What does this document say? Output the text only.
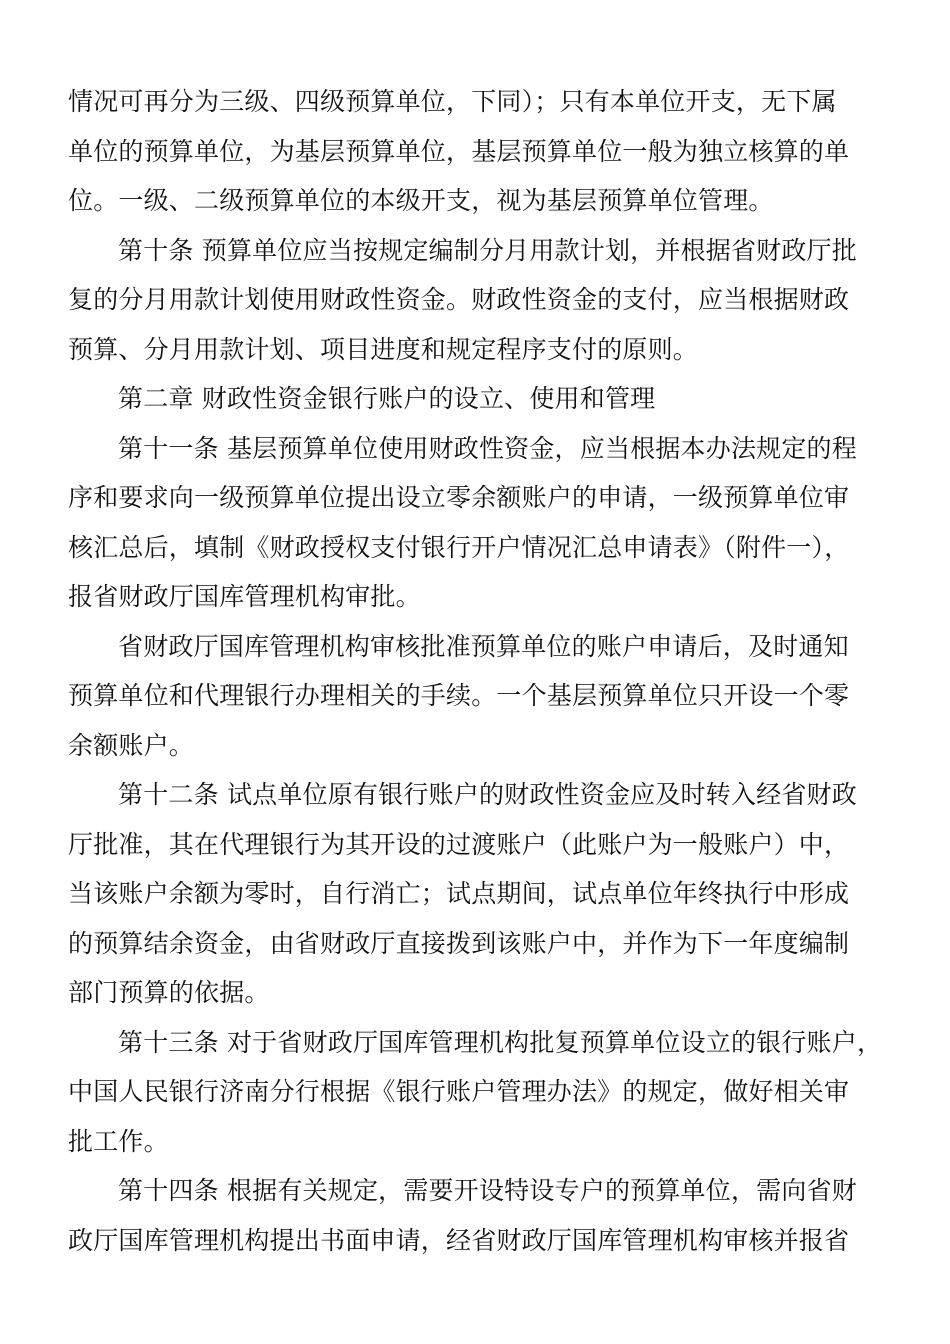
情况可再分为三级、四级预算单位，下同）；只有本单位开支，无下属
单位的预算单位，为基层预算单位，基层预算单位一般为独立核算的单
位。一级、二级预算单位的本级开支，视为基层预算单位管理。
第十条 预算单位应当按规定编制分月用款计划，并根据省财政厅批
复的分月用款计划使用财政性资金。财政性资金的支付，应当根据财政
预算、分月用款计划、项目进度和规定程序支付的原则。
第二章 财政性资金银行账户的设立、使用和管理
第十一条 基层预算单位使用财政性资金，应当根据本办法规定的程
序和要求向一级预算单位提出设立零余额账户的申请，一级预算单位审
核汇总后，填制《财政授权支付银行开户情况汇总申请表》（附件一），
报省财政厅国库管理机构审批。
省财政厅国库管理机构审核批准预算单位的账户申请后，及时通知
预算单位和代理银行办理相关的手续。一个基层预算单位只开设一个零
余额账户。
第十二条 试点单位原有银行账户的财政性资金应及时转入经省财政
厅批准，其在代理银行为其开设的过渡账户（此账户为一般账户）中，
当该账户余额为零时，自行消亡；试点期间，试点单位年终执行中形成
的预算结余资金，由省财政厅直接拨到该账户中，并作为下一年度编制
部门预算的依据。
第十三条 对于省财政厅国库管理机构批复预算单位设立的银行账户，
中国人民银行济南分行根据《银行账户管理办法》的规定，做好相关审
批工作。
第十四条 根据有关规定，需要开设特设专户的预算单位，需向省财
政厅国库管理机构提出书面申请，经省财政厅国库管理机构审核并报省
